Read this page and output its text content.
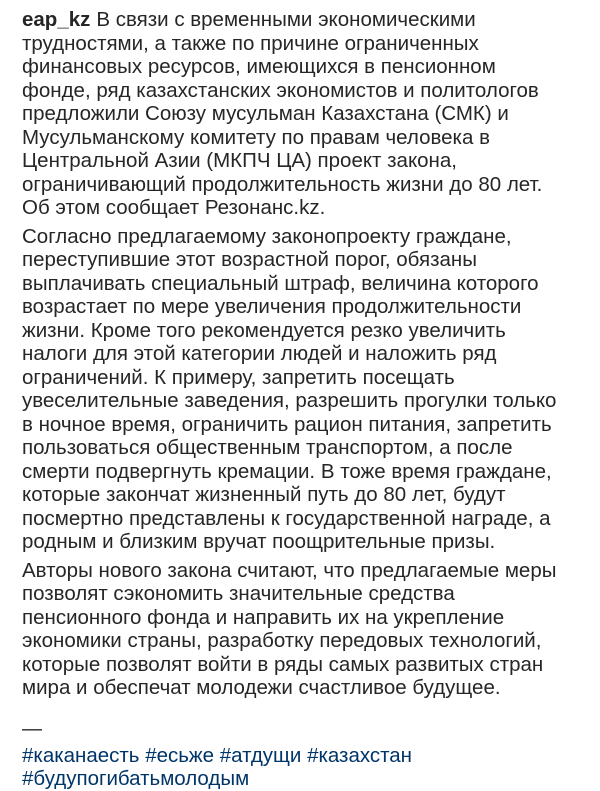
eap_kz В связи с временными экономическими
трудностями, а также по причине ограниченных
финансовых ресурсов, имеющихся в пенсионном
фонде, ряд казахстанских экономистов и политологов
предложили Союзу мусульман Казахстана (СМК) и
Мусульманскому комитету по правам человека в
Центральной Азии (МКПЧ ЦА) проект закона,
ограничивающий продолжительность жизни до 80 лет.
Об этом сообщает Резонанс.kz.

Согласно предлагаемому законопроекту граждане,
переступившие этот возрастной порог, обязаны
выплачивать специальный штраф, величина которого
возрастает по мере увеличения продолжительности
жизни. Кроме того рекомендуется резко увеличить
налоги для этой категории людей и наложить ряд
ограничений. К примеру, запретить посещать
увеселительные заведения, разрешить прогулки только
в ночное время, ограничить рацион питания, запретить
пользоваться общественным транспортом, а после
смерти подвергнуть кремации. В тоже время граждане,
которые закончат жизненный путь до 80 лет, будут
посмертно представлены к государственной награде, а
родным и близким вручат поощрительные призы.

Авторы нового закона считают, что предлагаемые меры
позволят сэкономить значительные средства
пенсионного фонда и направить их на укрепление
экономики страны, разработку передовых технологий,
которые позволят войти в ряды самых развитых стран
мира и обеспечат молодежи счастливое будущее.

—
#каканаесть #есьже #атдущи #казахстан
#будупогибатьмолодым
